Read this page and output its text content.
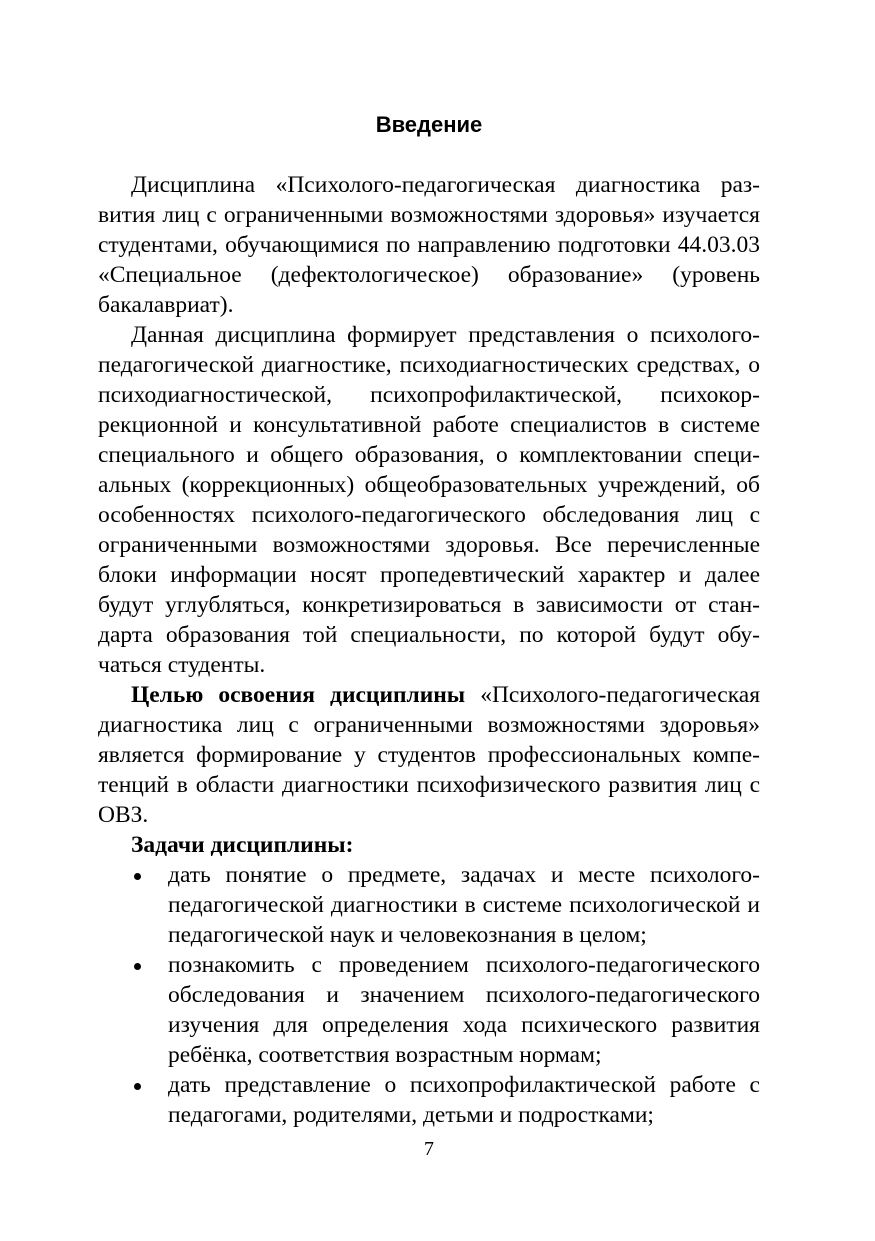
Введение

Дисциплина «Психолого-педагогическая диагностика развития лиц с ограниченными возможностями здоровья» изучается студентами, обучающимися по направлению подготовки 44.03.03 «Специальное (дефектологическое) образование» (уровень бакалавриат).

Данная дисциплина формирует представления о психолого-педагогической диагностике, психодиагностических средствах, о психодиагностической, психопрофилактической, психокоррекционной и консультативной работе специалистов в системе специального и общего образования, о комплектовании специальных (коррекционных) общеобразовательных учреждений, об особенностях психолого-педагогического обследования лиц с ограниченными возможностями здоровья. Все перечисленные блоки информации носят пропедевтический характер и далее будут углубляться, конкретизироваться в зависимости от стандарта образования той специальности, по которой будут обучаться студенты.

Целью освоения дисциплины «Психолого-педагогическая диагностика лиц с ограниченными возможностями здоровья» является формирование у студентов профессиональных компетенций в области диагностики психофизического развития лиц с ОВЗ.

Задачи дисциплины:

дать понятие о предмете, задачах и месте психолого-педагогической диагностики в системе психологической и педагогической наук и человекознания в целом;
познакомить с проведением психолого-педагогического обследования и значением психолого-педагогического изучения для определения хода психического развития ребёнка, соответствия возрастным нормам;
дать представление о психопрофилактической работе с педагогами, родителями, детьми и подростками;
7
